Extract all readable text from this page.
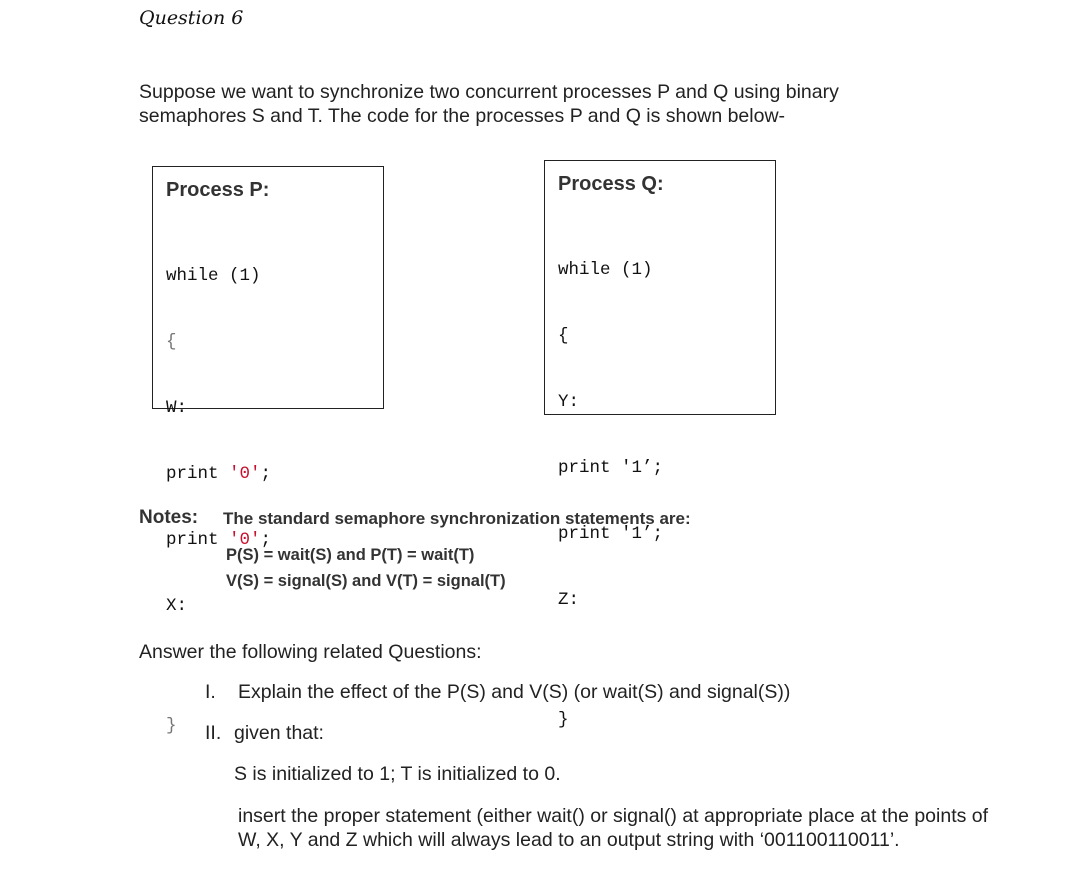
Question 6
Suppose we want to synchronize two concurrent processes P and Q using binary semaphores S and T. The code for the processes P and Q is shown below-
Process P:

while (1)

{

W:

print '0';

print '0';

X:

}

Process Q:

while (1)

{

Y:

print '1’;

print '1’;

Z:

}

Notes: The standard semaphore synchronization statements are:
P(S) = wait(S) and P(T) = wait(T)
V(S) = signal(S) and V(T) = signal(T)
Answer the following related Questions:
I. Explain the effect of the P(S) and V(S) (or wait(S) and signal(S))
II. given that:
S is initialized to 1; T is initialized to 0.
insert the proper statement (either wait() or signal() at appropriate place at the points of W, X, Y and Z which will always lead to an output string with ‘001100110011’.
